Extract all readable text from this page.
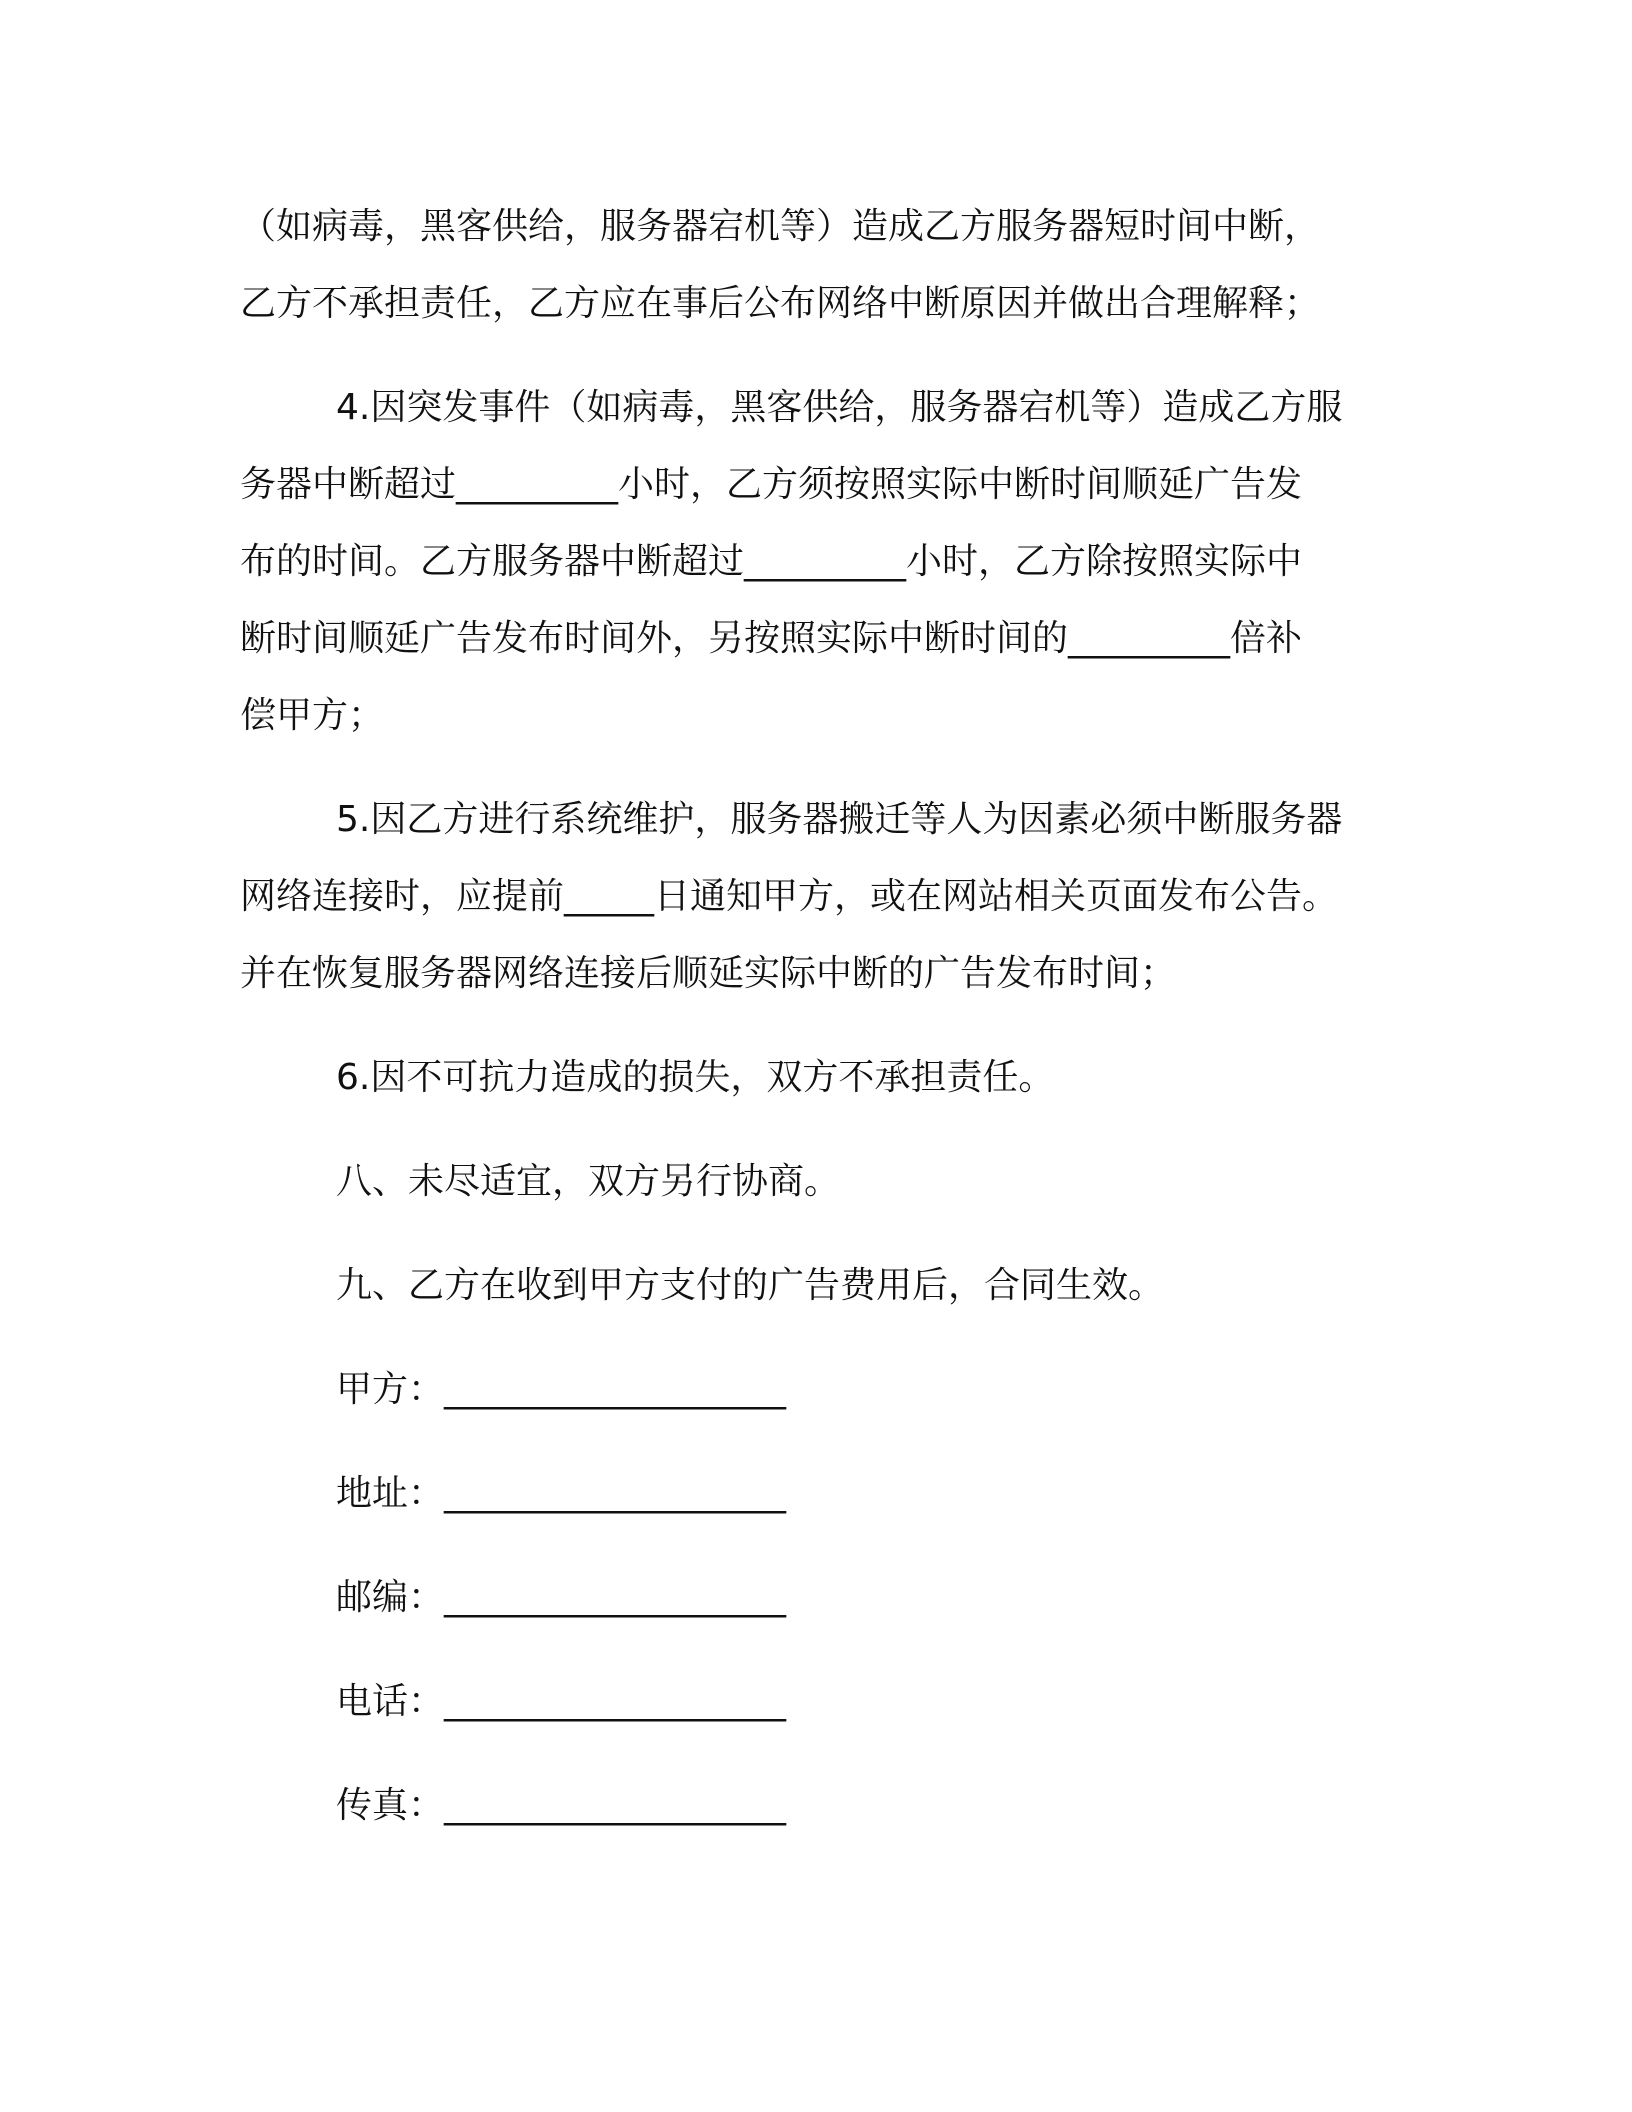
（如病毒，黑客供给，服务器宕机等）造成乙方服务器短时间中断，
乙方不承担责任，乙方应在事后公布网络中断原因并做出合理解释；
4.因突发事件（如病毒，黑客供给，服务器宕机等）造成乙方服
务器中断超过_________小时，乙方须按照实际中断时间顺延广告发
布的时间。乙方服务器中断超过_________小时，乙方除按照实际中
断时间顺延广告发布时间外，另按照实际中断时间的_________倍补
偿甲方；
5.因乙方进行系统维护，服务器搬迁等人为因素必须中断服务器
网络连接时，应提前_____日通知甲方，或在网站相关页面发布公告。
并在恢复服务器网络连接后顺延实际中断的广告发布时间；
6.因不可抗力造成的损失，双方不承担责任。
八、未尽适宜，双方另行协商。
九、乙方在收到甲方支付的广告费用后，合同生效。
甲方：___________________
地址：___________________
邮编：___________________
电话：___________________
传真：___________________
